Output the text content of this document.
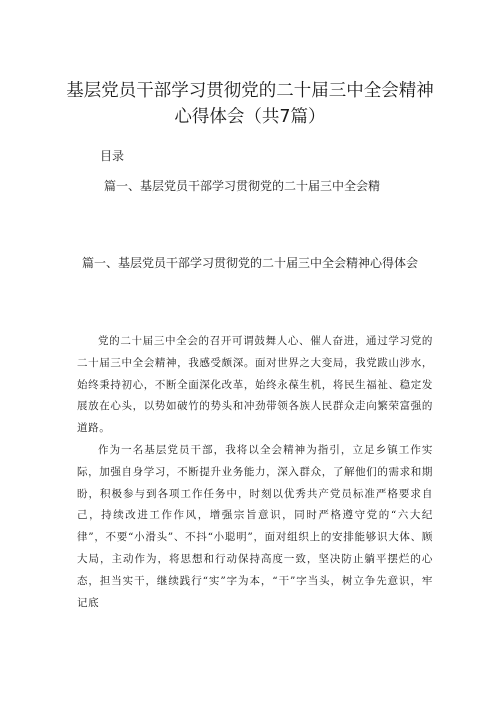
基层党员干部学习贯彻党的二十届三中全会精神心得体会（共7篇）
目录
篇一、基层党员干部学习贯彻党的二十届三中全会精
篇一、基层党员干部学习贯彻党的二十届三中全会精神心得体会

党的二十届三中全会的召开可谓鼓舞人心、催人奋进，通过学习党的二十届三中全会精神，我感受颇深。面对世界之大变局，我党跋山涉水，始终秉持初心，不断全面深化改革，始终永葆生机，将民生福祉、稳定发展放在心头，以势如破竹的势头和冲劲带领各族人民群众走向繁荣富强的道路。

作为一名基层党员干部，我将以全会精神为指引，立足乡镇工作实际，加强自身学习，不断提升业务能力，深入群众，了解他们的需求和期盼，积极参与到各项工作任务中，时刻以优秀共产党员标准严格要求自己，持续改进工作作风，增强宗旨意识，同时严格遵守党的“六大纪律”，不要“小滑头”、不抖“小聪明”，面对组织上的安排能够识大体、顾大局，主动作为，将思想和行动保持高度一致，坚决防止躺平摆烂的心态，担当实干，继续践行“实”字为本，“干”字当头，树立争先意识，牢记底
